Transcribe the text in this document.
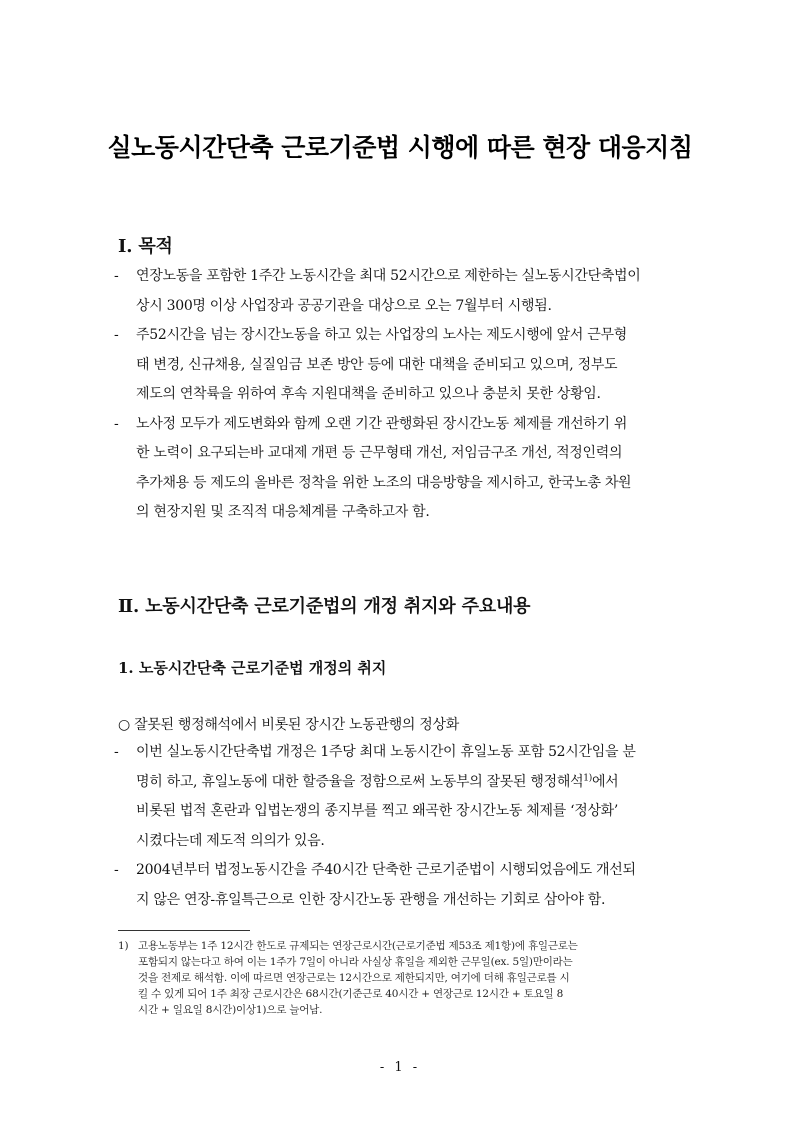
실노동시간단축 근로기준법 시행에 따른 현장 대응지침
Ⅰ. 목적
- 연장노동을 포함한 1주간 노동시간을 최대 52시간으로 제한하는 실노동시간단축법이
상시 300명 이상 사업장과 공공기관을 대상으로 오는 7월부터 시행됨.
- 주52시간을 넘는 장시간노동을 하고 있는 사업장의 노사는 제도시행에 앞서 근무형
태 변경, 신규채용, 실질임금 보존 방안 등에 대한 대책을 준비되고 있으며, 정부도
제도의 연착륙을 위하여 후속 지원대책을 준비하고 있으나 충분치 못한 상황임.
- 노사정 모두가 제도변화와 함께 오랜 기간 관행화된 장시간노동 체제를 개선하기 위
한 노력이 요구되는바 교대제 개편 등 근무형태 개선, 저임금구조 개선, 적정인력의
추가채용 등 제도의 올바른 정착을 위한 노조의 대응방향을 제시하고, 한국노총 차원
의 현장지원 및 조직적 대응체계를 구축하고자 함.
Ⅱ. 노동시간단축 근로기준법의 개정 취지와 주요내용
1. 노동시간단축 근로기준법 개정의 취지
○ 잘못된 행정해석에서 비롯된 장시간 노동관행의 정상화
- 이번 실노동시간단축법 개정은 1주당 최대 노동시간이 휴일노동 포함 52시간임을 분
명히 하고, 휴일노동에 대한 할증율을 정함으로써 노동부의 잘못된 행정해석$^{1)}$에서
비롯된 법적 혼란과 입법논쟁의 종지부를 찍고 왜곡한 장시간노동 체제를 ‘정상화’
시켰다는데 제도적 의의가 있음.
- 2004년부터 법정노동시간을 주40시간 단축한 근로기준법이 시행되었음에도 개선되
지 않은 연장-휴일특근으로 인한 장시간노동 관행을 개선하는 기회로 삼아야 함.
1) 고용노동부는 1주 12시간 한도로 규제되는 연장근로시간(근로기준법 제53조 제1항)에 휴일근로는
포함되지 않는다고 하여 이는 1주가 7일이 아니라 사실상 휴일을 제외한 근무일(ex. 5일)만이라는
것을 전제로 해석함. 이에 따르면 연장근로는 12시간으로 제한되지만, 여기에 더해 휴일근로를 시
킬 수 있게 되어 1주 최장 근로시간은 68시간(기준근로 40시간 + 연장근로 12시간 + 토요일 8
시간 + 일요일 8시간)이상1)으로 늘어남.
- 1 -
